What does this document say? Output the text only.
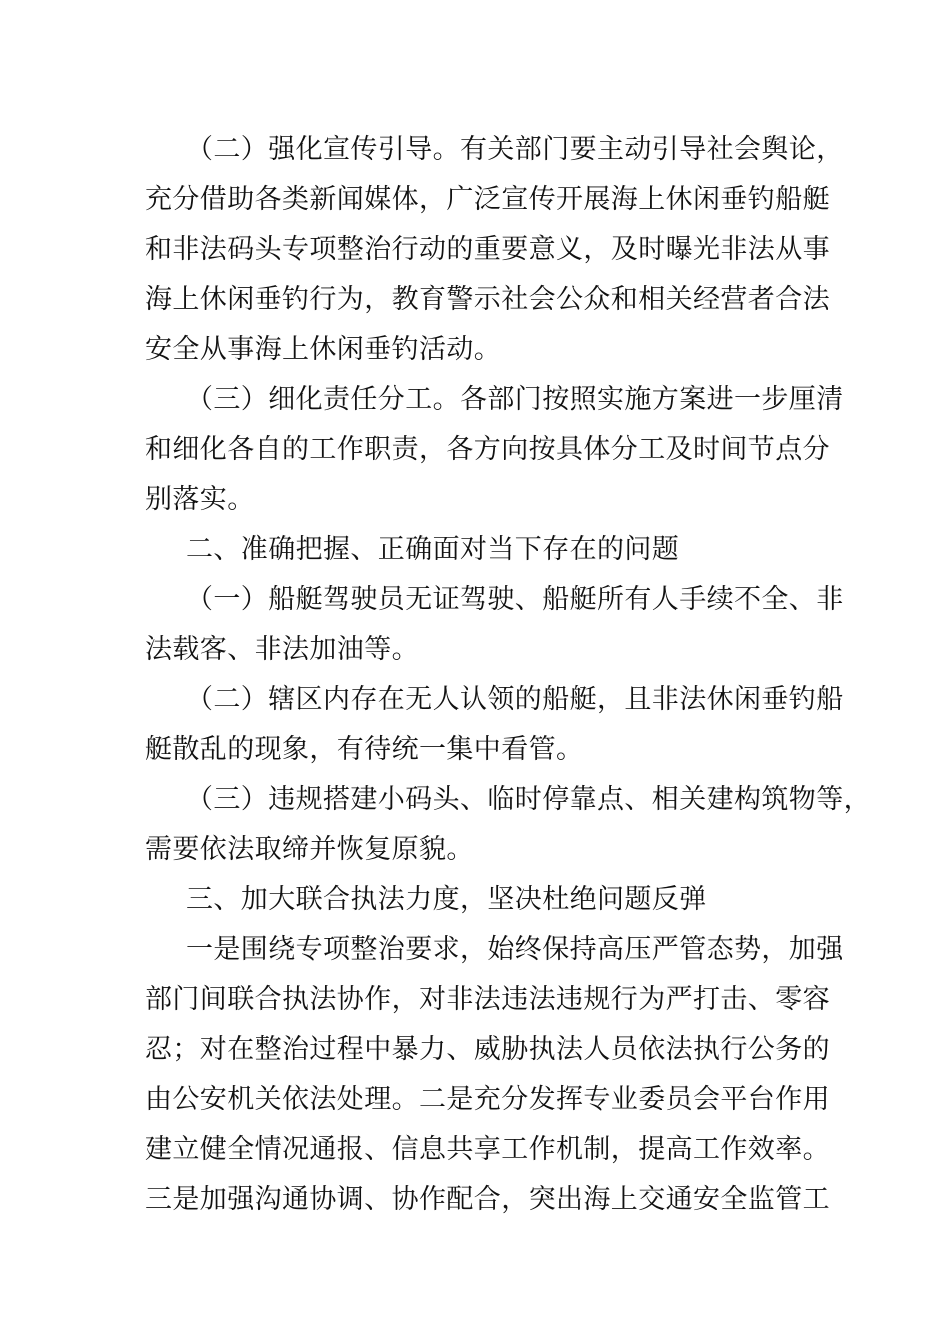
（二）强化宣传引导。有关部门要主动引导社会舆论，
充分借助各类新闻媒体，广泛宣传开展海上休闲垂钓船艇
和非法码头专项整治行动的重要意义，及时曝光非法从事
海上休闲垂钓行为，教育警示社会公众和相关经营者合法
安全从事海上休闲垂钓活动。
（三）细化责任分工。各部门按照实施方案进一步厘清
和细化各自的工作职责，各方向按具体分工及时间节点分
别落实。
二、准确把握、正确面对当下存在的问题
（一）船艇驾驶员无证驾驶、船艇所有人手续不全、非
法载客、非法加油等。
（二）辖区内存在无人认领的船艇，且非法休闲垂钓船
艇散乱的现象，有待统一集中看管。
（三）违规搭建小码头、临时停靠点、相关建构筑物等，
需要依法取缔并恢复原貌。
三、加大联合执法力度，坚决杜绝问题反弹
一是围绕专项整治要求，始终保持高压严管态势，加强
部门间联合执法协作，对非法违法违规行为严打击、零容
忍；对在整治过程中暴力、威胁执法人员依法执行公务的
由公安机关依法处理。二是充分发挥专业委员会平台作用
建立健全情况通报、信息共享工作机制，提高工作效率。
三是加强沟通协调、协作配合，突出海上交通安全监管工
